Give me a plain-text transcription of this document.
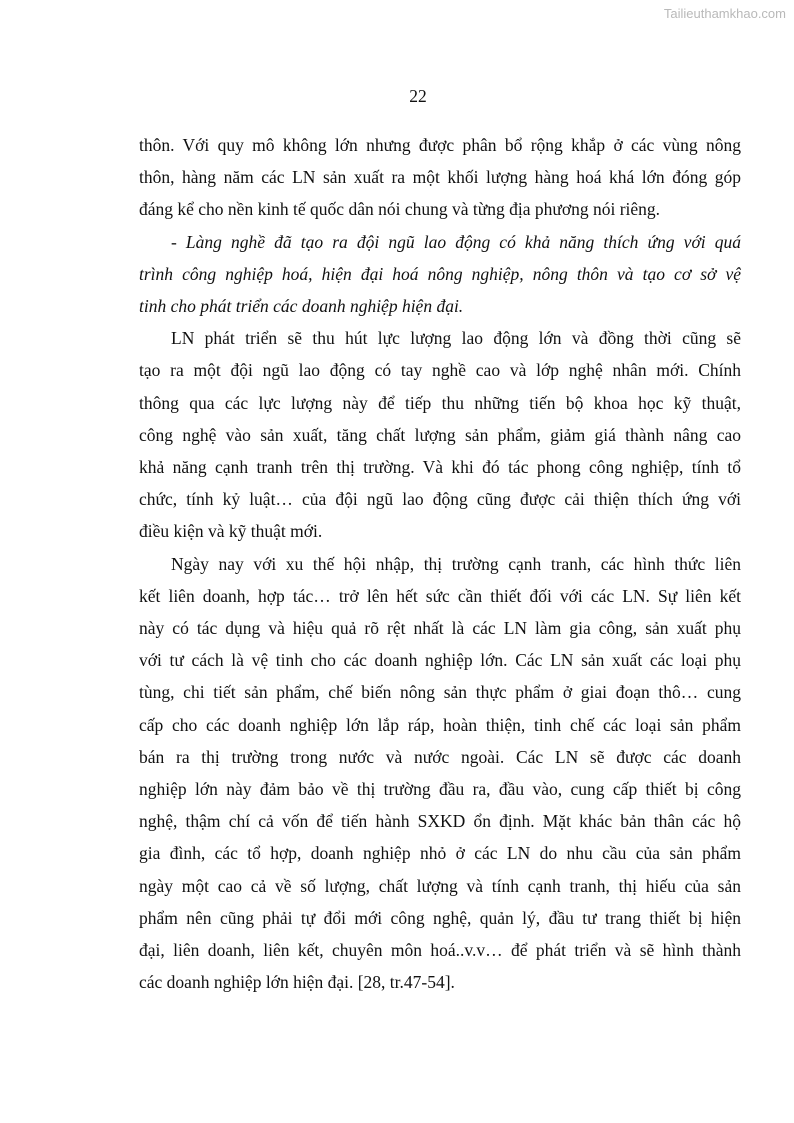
Tailieuthamkhao.com
22
thôn. Với quy mô không lớn nhưng được phân bổ rộng khắp ở các vùng nông
thôn, hàng năm các LN sản xuất ra một khối lượng hàng hoá khá lớn đóng góp
đáng kể cho nền kinh tế quốc dân nói chung và từng địa phương nói riêng.
- Làng nghề đã tạo ra đội ngũ lao động có khả năng thích ứng với quá
trình công nghiệp hoá, hiện đại hoá nông nghiệp, nông thôn và tạo cơ sở vệ
tinh cho phát triển các doanh nghiệp hiện đại.
LN phát triển sẽ thu hút lực lượng lao động lớn và đồng thời cũng sẽ
tạo ra một đội ngũ lao động có tay nghề cao và lớp nghệ nhân mới. Chính
thông qua các lực lượng này để tiếp thu những tiến bộ khoa học kỹ thuật,
công nghệ vào sản xuất, tăng chất lượng sản phẩm, giảm giá thành nâng cao
khả năng cạnh tranh trên thị trường. Và khi đó tác phong công nghiệp, tính tổ
chức, tính kỷ luật… của đội ngũ lao động cũng được cải thiện thích ứng với
điều kiện và kỹ thuật mới.
Ngày nay với xu thế hội nhập, thị trường cạnh tranh, các hình thức liên
kết liên doanh, hợp tác… trở lên hết sức cần thiết đối với các LN. Sự liên kết
này có tác dụng và hiệu quả rõ rệt nhất là các LN làm gia công, sản xuất phụ
với tư cách là vệ tinh cho các doanh nghiệp lớn. Các LN sản xuất các loại phụ
tùng, chi tiết sản phẩm, chế biến nông sản thực phẩm ở giai đoạn thô… cung
cấp cho các doanh nghiệp lớn lắp ráp, hoàn thiện, tinh chế các loại sản phẩm
bán ra thị trường trong nước và nước ngoài. Các LN sẽ được các doanh
nghiệp lớn này đảm bảo về thị trường đầu ra, đầu vào, cung cấp thiết bị công
nghệ, thậm chí cả vốn để tiến hành SXKD ổn định. Mặt khác bản thân các hộ
gia đình, các tổ hợp, doanh nghiệp nhỏ ở các LN do nhu cầu của sản phẩm
ngày một cao cả về số lượng, chất lượng và tính cạnh tranh, thị hiếu của sản
phẩm nên cũng phải tự đổi mới công nghệ, quản lý, đầu tư trang thiết bị hiện
đại, liên doanh, liên kết, chuyên môn hoá..v.v… để phát triển và sẽ hình thành
các doanh nghiệp lớn hiện đại. [28, tr.47-54].
